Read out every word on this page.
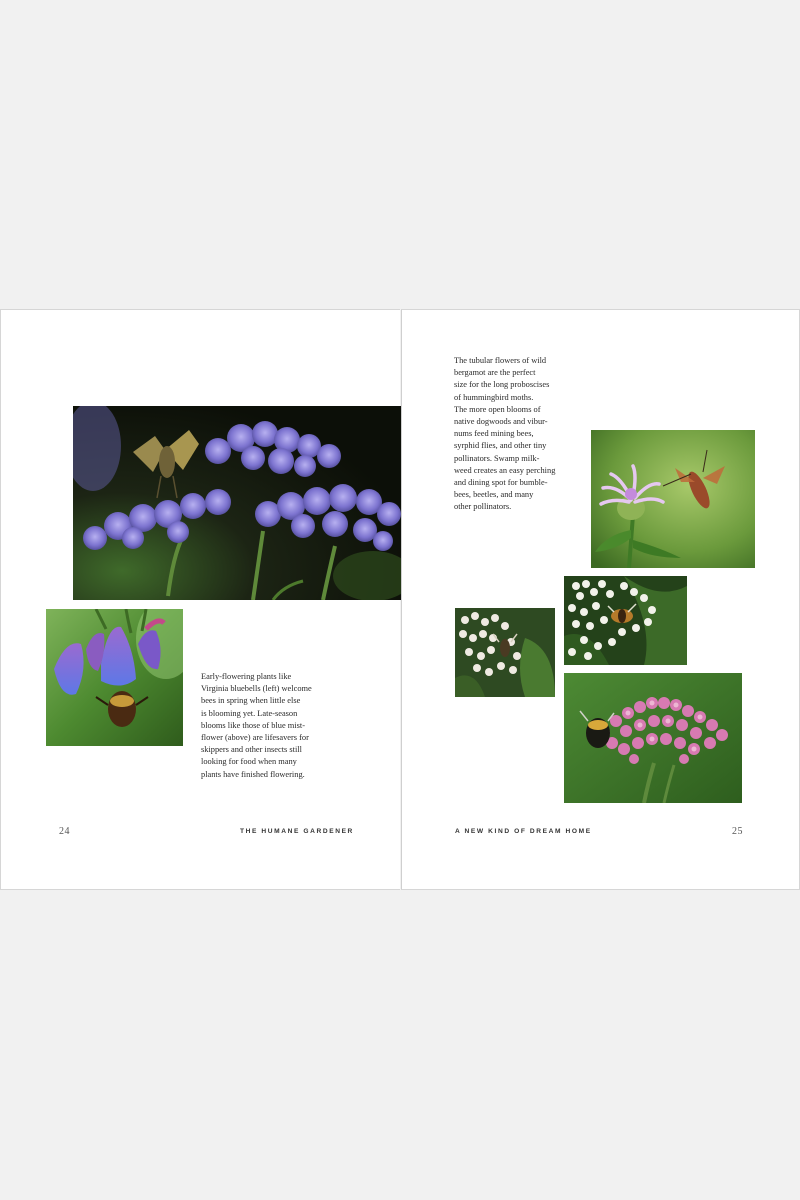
Early-flowering plants like
Virginia bluebells (left) welcome
bees in spring when little else
is blooming yet. Late-season
blooms like those of blue mist-
flower (above) are lifesavers for
skippers and other insects still
looking for food when many
plants have finished flowering.

24	THE HUMANE GARDENER

The tubular flowers of wild
bergamot are the perfect
size for the long proboscises
of hummingbird moths.
The more open blooms of
native dogwoods and vibur-
nums feed mining bees,
syrphid flies, and other tiny
pollinators. Swamp milk-
weed creates an easy perching
and dining spot for bumble-
bees, beetles, and many
other pollinators.

A NEW KIND OF DREAM HOME	25
